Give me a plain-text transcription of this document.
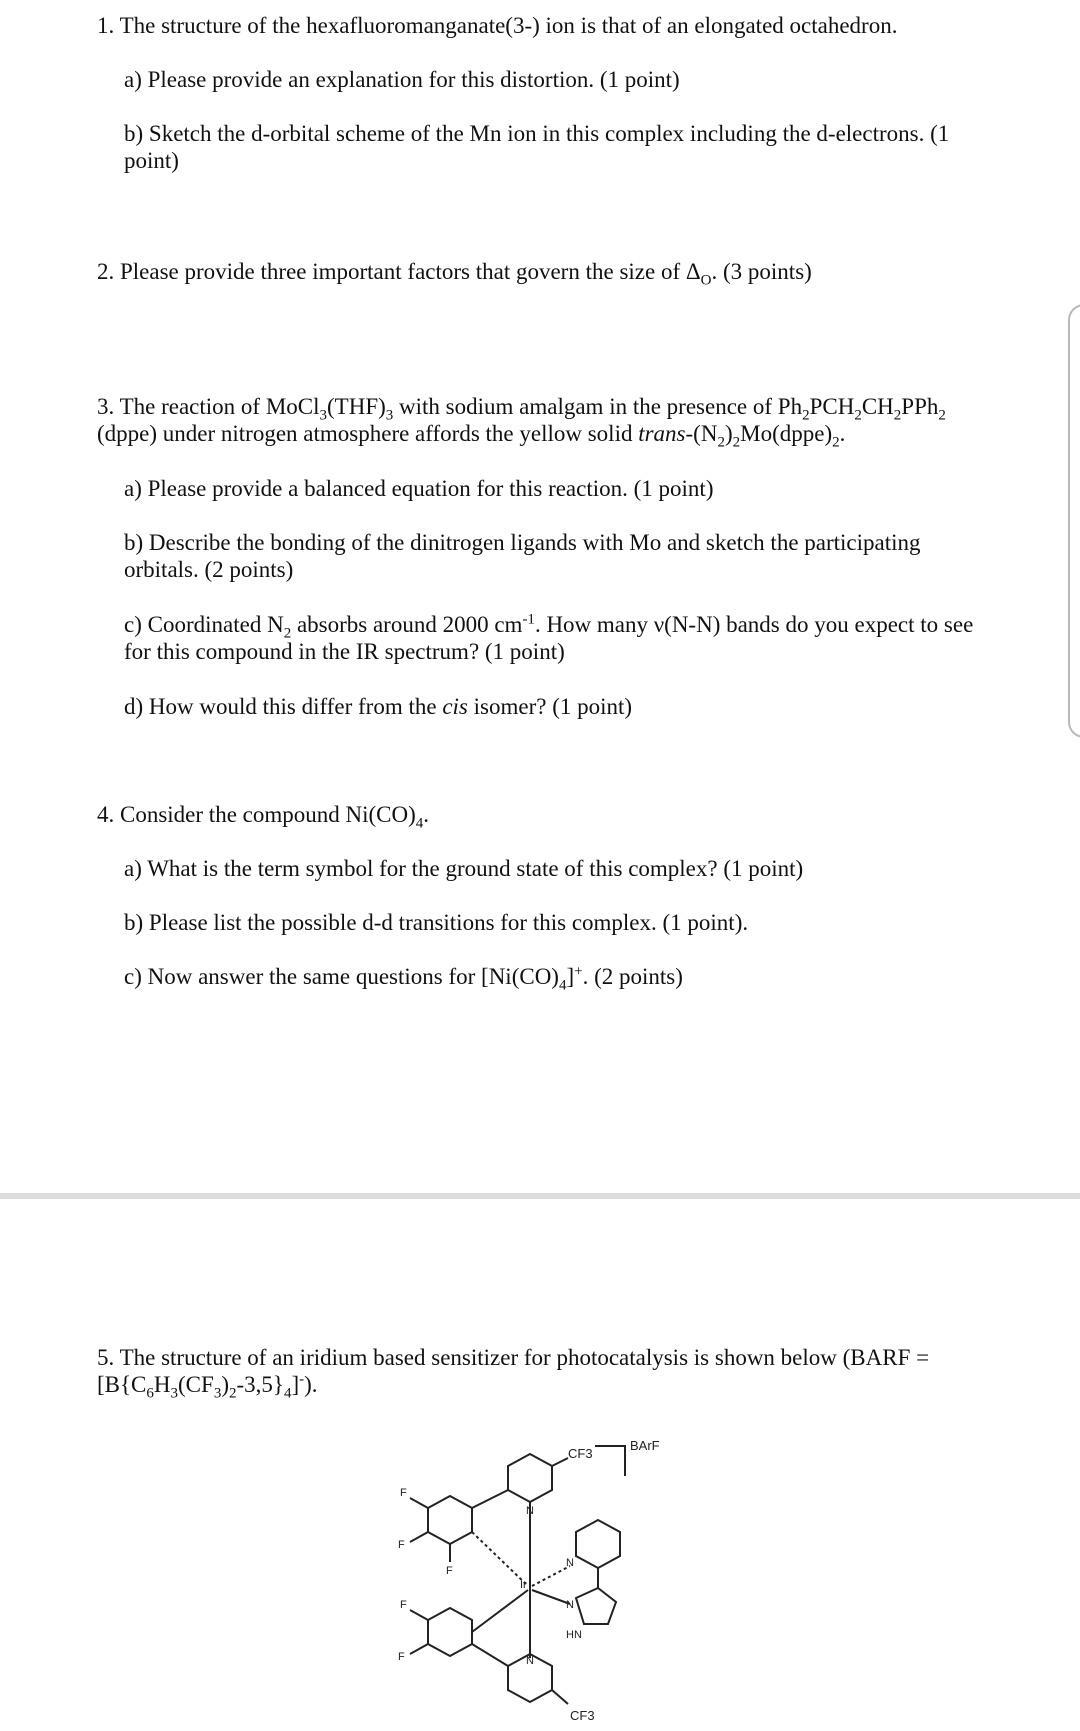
1. The structure of the hexafluoromanganate(3-) ion is that of an elongated octahedron.

a) Please provide an explanation for this distortion. (1 point)

b) Sketch the d-orbital scheme of the Mn ion in this complex including the d-electrons. (1 point)

2. Please provide three important factors that govern the size of $\Delta_O$. (3 points)

3. The reaction of $MoCl_3(THF)_3$ with sodium amalgam in the presence of $Ph_2PCH_2CH_2PPh_2$
(dppe) under nitrogen atmosphere affords the yellow solid trans-$(N_2)_2Mo(dppe)_2$.

a) Please provide a balanced equation for this reaction. (1 point)

b) Describe the bonding of the dinitrogen ligands with Mo and sketch the participating orbitals. (2 points)

c) Coordinated $N_2$ absorbs around 2000 $cm^{-1}$. How many ν(N-N) bands do you expect to see for this compound in the IR spectrum? (1 point)

d) How would this differ from the cis isomer? (1 point)

4. Consider the compound $Ni(CO)_4$.

a) What is the term symbol for the ground state of this complex? (1 point)

b) Please list the possible d-d transitions for this complex. (1 point).

c) Now answer the same questions for $[Ni(CO)_4]^+$. (2 points)

5. The structure of an iridium based sensitizer for photocatalysis is shown below (BARF =
$[B\{C_6H_3(CF_3)_2-3,5\}_4]^-$).
BArF
CF3
CF3
Ir
N
N
N
N
HN
F
F
F
F
F
